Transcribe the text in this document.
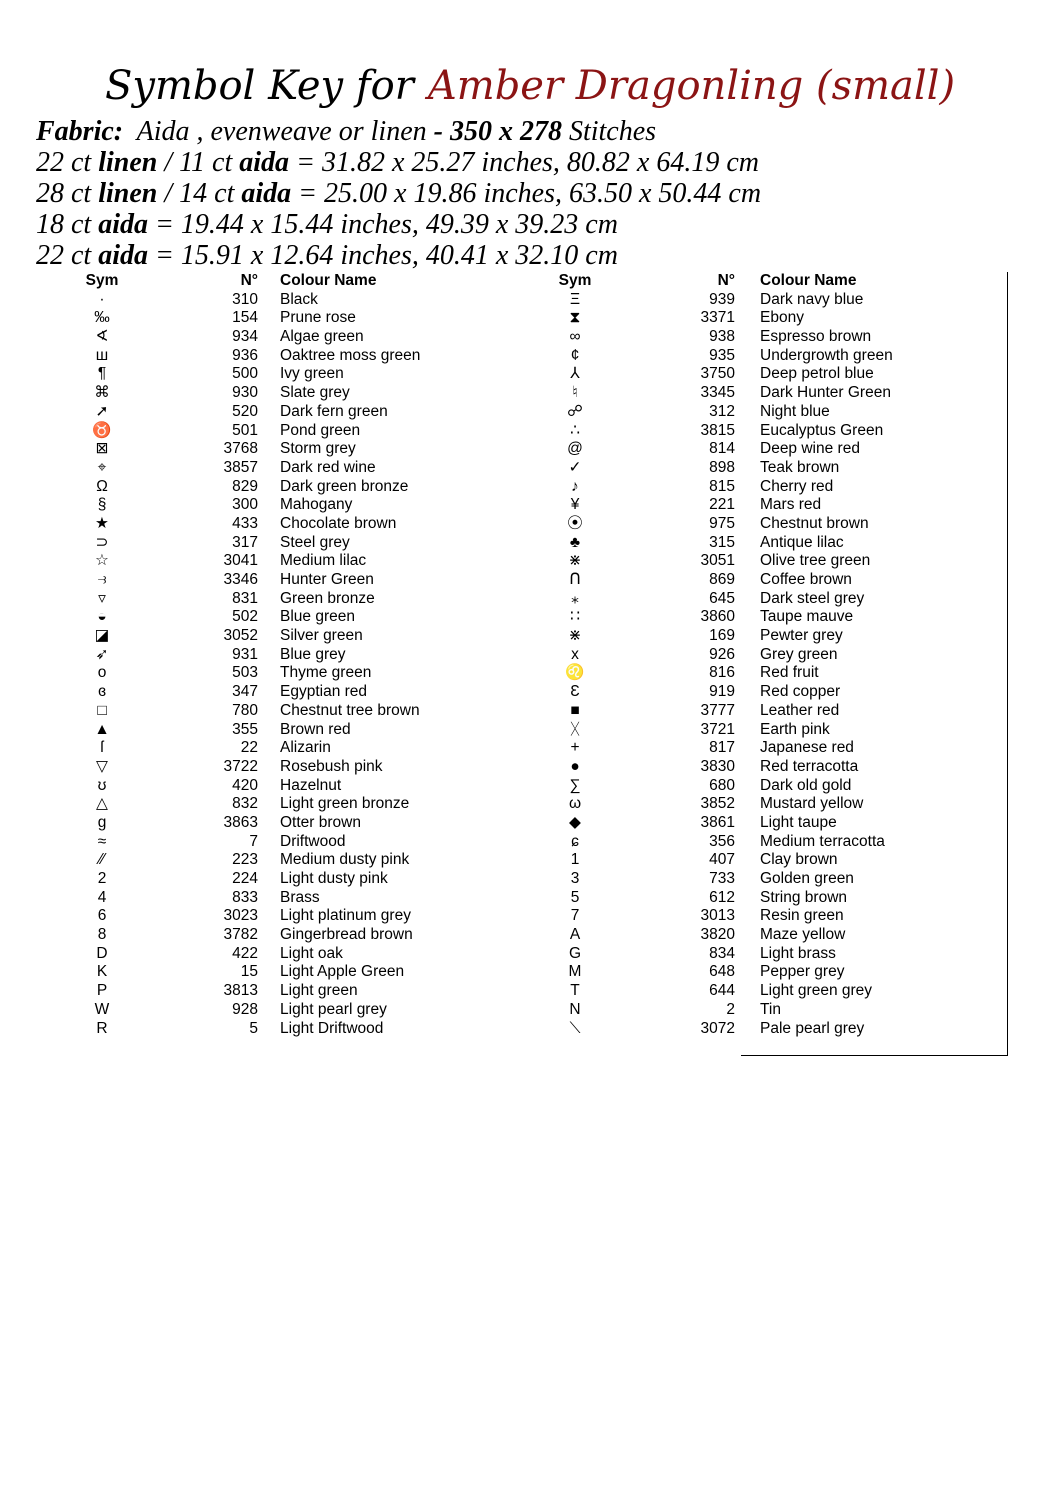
Symbol Key for Amber Dragonling (small)
Fabric: Aida , evenweave or linen - 350 x 278 Stitches
22 ct linen / 11 ct aida = 31.82 x 25.27 inches, 80.82 x 64.19 cm
28 ct linen / 14 ct aida = 25.00 x 19.86 inches, 63.50 x 50.44 cm
18 ct aida = 19.44 x 15.44 inches, 49.39 x 39.23 cm
22 ct aida = 15.91 x 12.64 inches, 40.41 x 32.10 cm
Sym	N° Colour Name
·	310 Black
‰	154 Prune rose
∢	934 Algae green
ш	936 Oaktree moss green
¶	500 Ivy green
⌘	930 Slate grey
➚	520 Dark fern green
♉	501 Pond green
⊠	3768 Storm grey
⌖	3857 Dark red wine
Ω	829 Dark green bronze
§	300 Mahogany
★	433 Chocolate brown
⊃	317 Steel grey
☆	3041 Medium lilac
⥽	3346 Hunter Green
▿	831 Green bronze
◒	502 Blue green
◪	3052 Silver green
➶	931 Blue grey
o	503 Thyme green
ɞ	347 Egyptian red
□	780 Chestnut tree brown
▲	355 Brown red
ſ	22 Alizarin
▽	3722 Rosebush pink
ʊ	420 Hazelnut
△	832 Light green bronze
g	3863 Otter brown
≈	7 Driftwood
⁄⁄	223 Medium dusty pink
2	224 Light dusty pink
4	833 Brass
6	3023 Light platinum grey
8	3782 Gingerbread brown
D	422 Light oak
K	15 Light Apple Green
P	3813 Light green
W	928 Light pearl grey
R	5 Light Driftwood
Sym	N° Colour Name
Ξ	939 Dark navy blue
⧗	3371 Ebony
∞	938 Espresso brown
¢	935 Undergrowth green
⅄	3750 Deep petrol blue
♮	3345 Dark Hunter Green
☍	312 Night blue
∴	3815 Eucalyptus Green
@	814 Deep wine red
✓	898 Teak brown
♪	815 Cherry red
¥	221 Mars red
⦿	975 Chestnut brown
♣	315 Antique lilac
⋇	3051 Olive tree green
ᑎ	869 Coffee brown
⁎	645 Dark steel grey
∷	3860 Taupe mauve
⋇	169 Pewter grey
x	926 Grey green
♌	816 Red fruit
Ɛ	919 Red copper
■	3777 Leather red
ᚷ	3721 Earth pink
+	817 Japanese red
●	3830 Red terracotta
∑	680 Dark old gold
ω	3852 Mustard yellow
◆	3861 Light taupe
ɕ	356 Medium terracotta
1	407 Clay brown
3	733 Golden green
5	612 String brown
7	3013 Resin green
A	3820 Maze yellow
G	834 Light brass
M	648 Pepper grey
T	644 Light green grey
N	2 Tin
⟍	3072 Pale pearl grey
